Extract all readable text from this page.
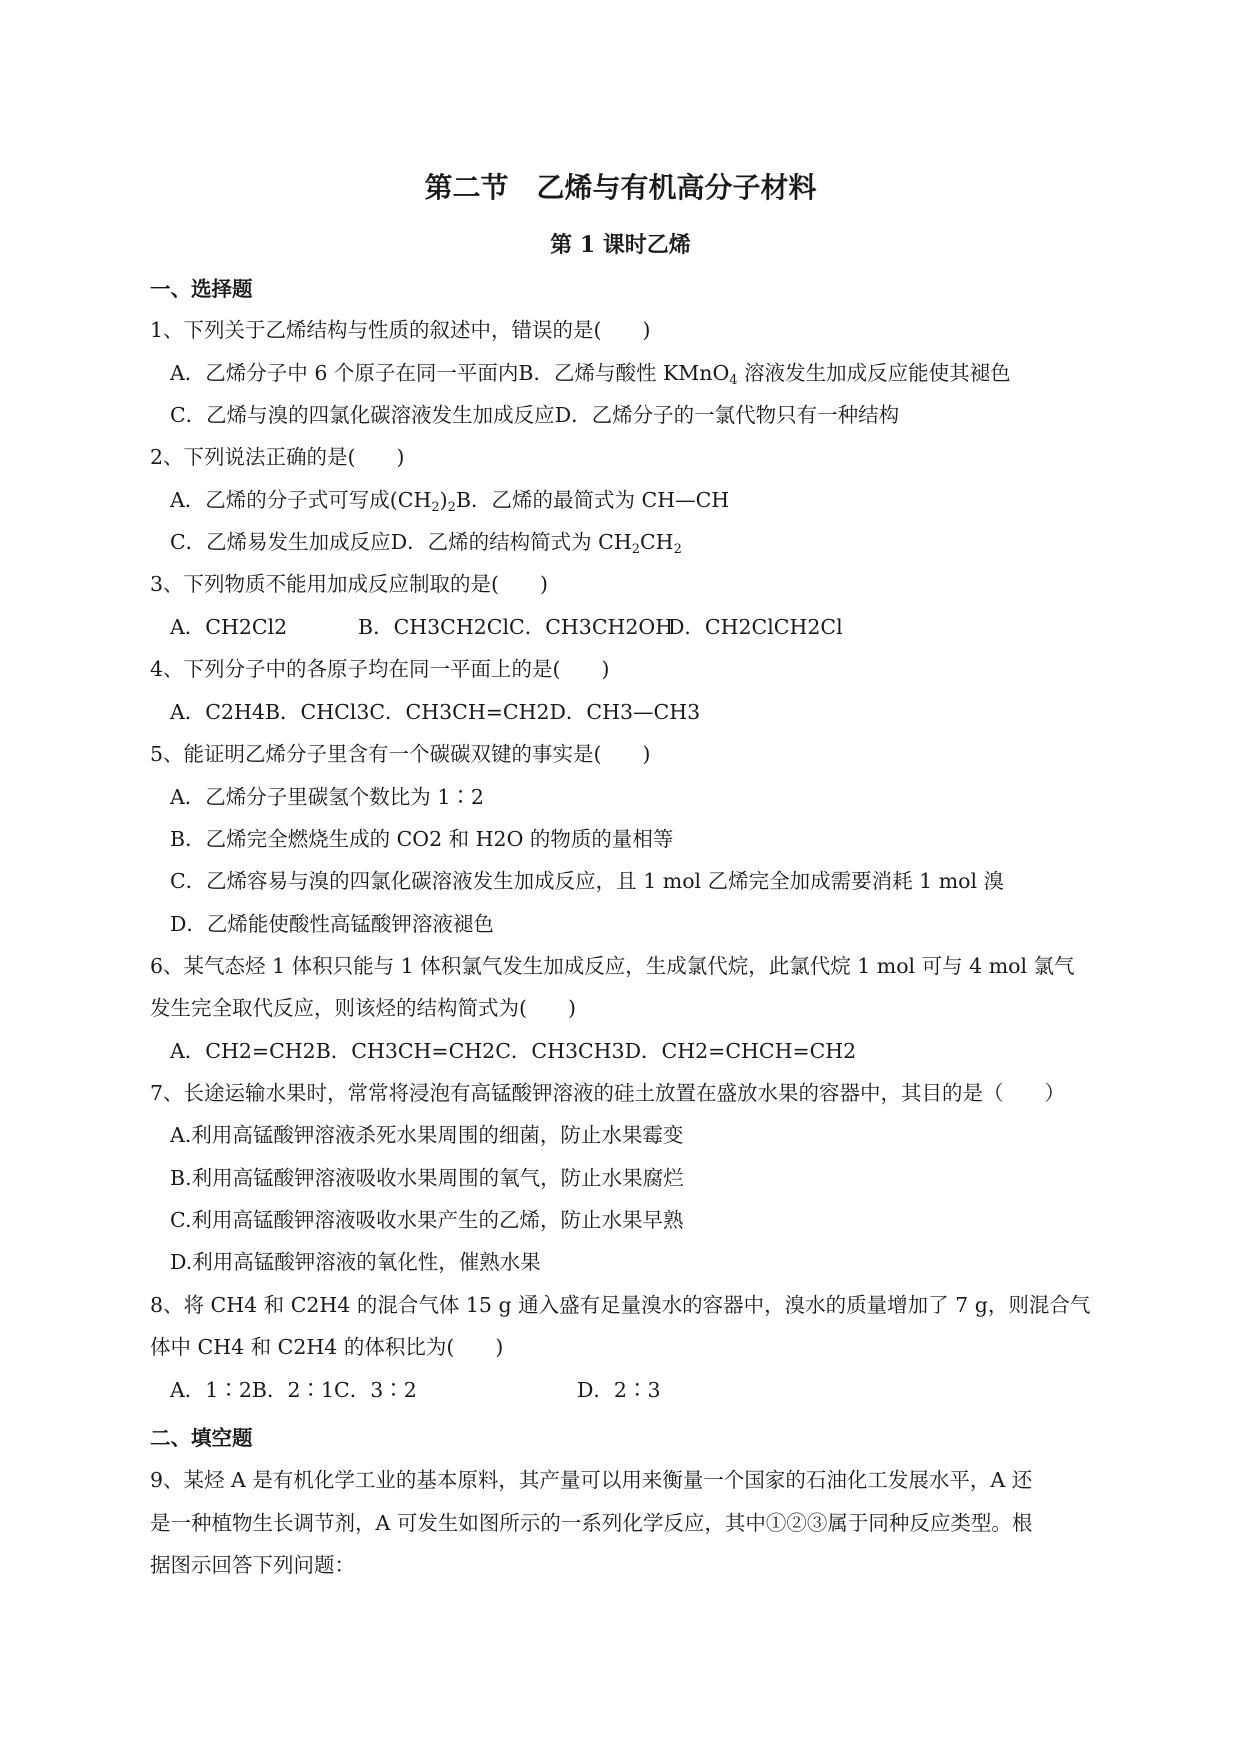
第二节　乙烯与有机高分子材料
第 1 课时乙烯
一、选择题
1、下列关于乙烯结构与性质的叙述中，错误的是(　　)
A．乙烯分子中 6 个原子在同一平面内B．乙烯与酸性 KMnO$_4$ 溶液发生加成反应能使其褪色
C．乙烯与溴的四氯化碳溶液发生加成反应D．乙烯分子的一氯代物只有一种结构
2、下列说法正确的是(　　)
A．乙烯的分子式可写成$(CH_2)_2B$．乙烯的最简式为 CH—CH
C．乙烯易发生加成反应D．乙烯的结构简式为 $CH_2CH_2$
3、下列物质不能用加成反应制取的是(　　)
A．CH2Cl2	B．CH3CH2ClC．CH3CH2OH
D．CH2ClCH2Cl
4、下列分子中的各原子均在同一平面上的是(　　)
A．C2H4B．CHCl3C．CH3CH=CH2D．CH3—CH3
5、能证明乙烯分子里含有一个碳碳双键的事实是(　　)
A．乙烯分子里碳氢个数比为 1∶2
B．乙烯完全燃烧生成的 CO2 和 H2O 的物质的量相等
C．乙烯容易与溴的四氯化碳溶液发生加成反应，且 1 mol 乙烯完全加成需要消耗 1 mol 溴
D．乙烯能使酸性高锰酸钾溶液褪色
6、某气态烃 1 体积只能与 1 体积氯气发生加成反应，生成氯代烷，此氯代烷 1 mol 可与 4 mol 氯气
发生完全取代反应，则该烃的结构简式为(　　)
A．CH2=CH2B．CH3CH=CH2C．CH3CH3D．CH2=CHCH=CH2
7、长途运输水果时，常常将浸泡有高锰酸钾溶液的硅土放置在盛放水果的容器中，其目的是（　　）
A.利用高锰酸钾溶液杀死水果周围的细菌，防止水果霉变
B.利用高锰酸钾溶液吸收水果周围的氧气，防止水果腐烂
C.利用高锰酸钾溶液吸收水果产生的乙烯，防止水果早熟
D.利用高锰酸钾溶液的氧化性，催熟水果
8、将 CH4 和 C2H4 的混合气体 15 g 通入盛有足量溴水的容器中，溴水的质量增加了 7 g，则混合气
体中 CH4 和 C2H4 的体积比为(　　)
A．1∶2B．2∶1C．3∶2	D．2∶3
二、填空题
9、某烃 A 是有机化学工业的基本原料，其产量可以用来衡量一个国家的石油化工发展水平，A 还
是一种植物生长调节剂，A 可发生如图所示的一系列化学反应，其中①②③属于同种反应类型。根
据图示回答下列问题：
